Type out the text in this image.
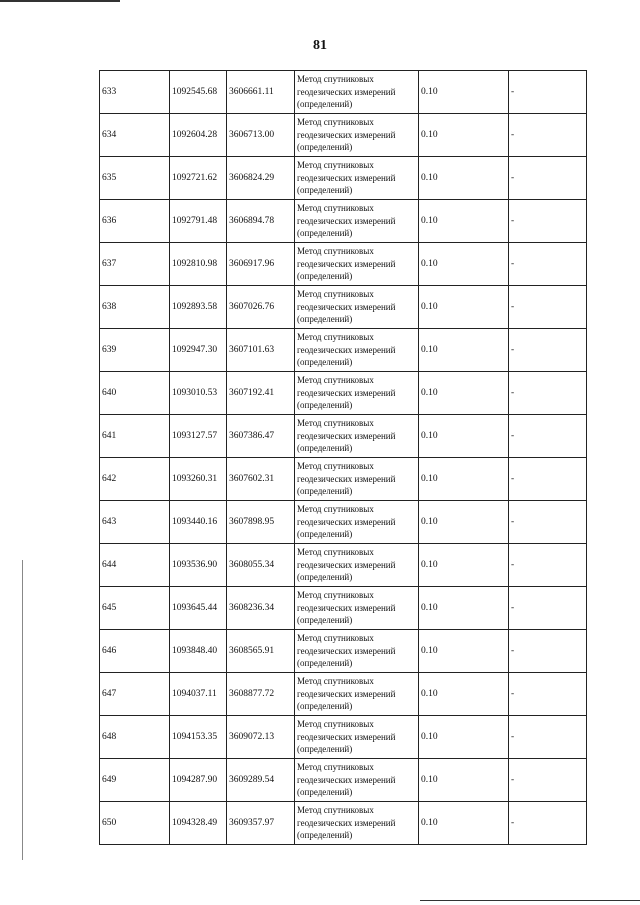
81
633	1092545.68	3606661.11	Метод спутниковых геодезических измерений (определений)	0.10	-
634	1092604.28	3606713.00	Метод спутниковых геодезических измерений (определений)	0.10	-
635	1092721.62	3606824.29	Метод спутниковых геодезических измерений (определений)	0.10	-
636	1092791.48	3606894.78	Метод спутниковых геодезических измерений (определений)	0.10	-
637	1092810.98	3606917.96	Метод спутниковых геодезических измерений (определений)	0.10	-
638	1092893.58	3607026.76	Метод спутниковых геодезических измерений (определений)	0.10	-
639	1092947.30	3607101.63	Метод спутниковых геодезических измерений (определений)	0.10	-
640	1093010.53	3607192.41	Метод спутниковых геодезических измерений (определений)	0.10	-
641	1093127.57	3607386.47	Метод спутниковых геодезических измерений (определений)	0.10	-
642	1093260.31	3607602.31	Метод спутниковых геодезических измерений (определений)	0.10	-
643	1093440.16	3607898.95	Метод спутниковых геодезических измерений (определений)	0.10	-
644	1093536.90	3608055.34	Метод спутниковых геодезических измерений (определений)	0.10	-
645	1093645.44	3608236.34	Метод спутниковых геодезических измерений (определений)	0.10	-
646	1093848.40	3608565.91	Метод спутниковых геодезических измерений (определений)	0.10	-
647	1094037.11	3608877.72	Метод спутниковых геодезических измерений (определений)	0.10	-
648	1094153.35	3609072.13	Метод спутниковых геодезических измерений (определений)	0.10	-
649	1094287.90	3609289.54	Метод спутниковых геодезических измерений (определений)	0.10	-
650	1094328.49	3609357.97	Метод спутниковых геодезических измерений (определений)	0.10	-
